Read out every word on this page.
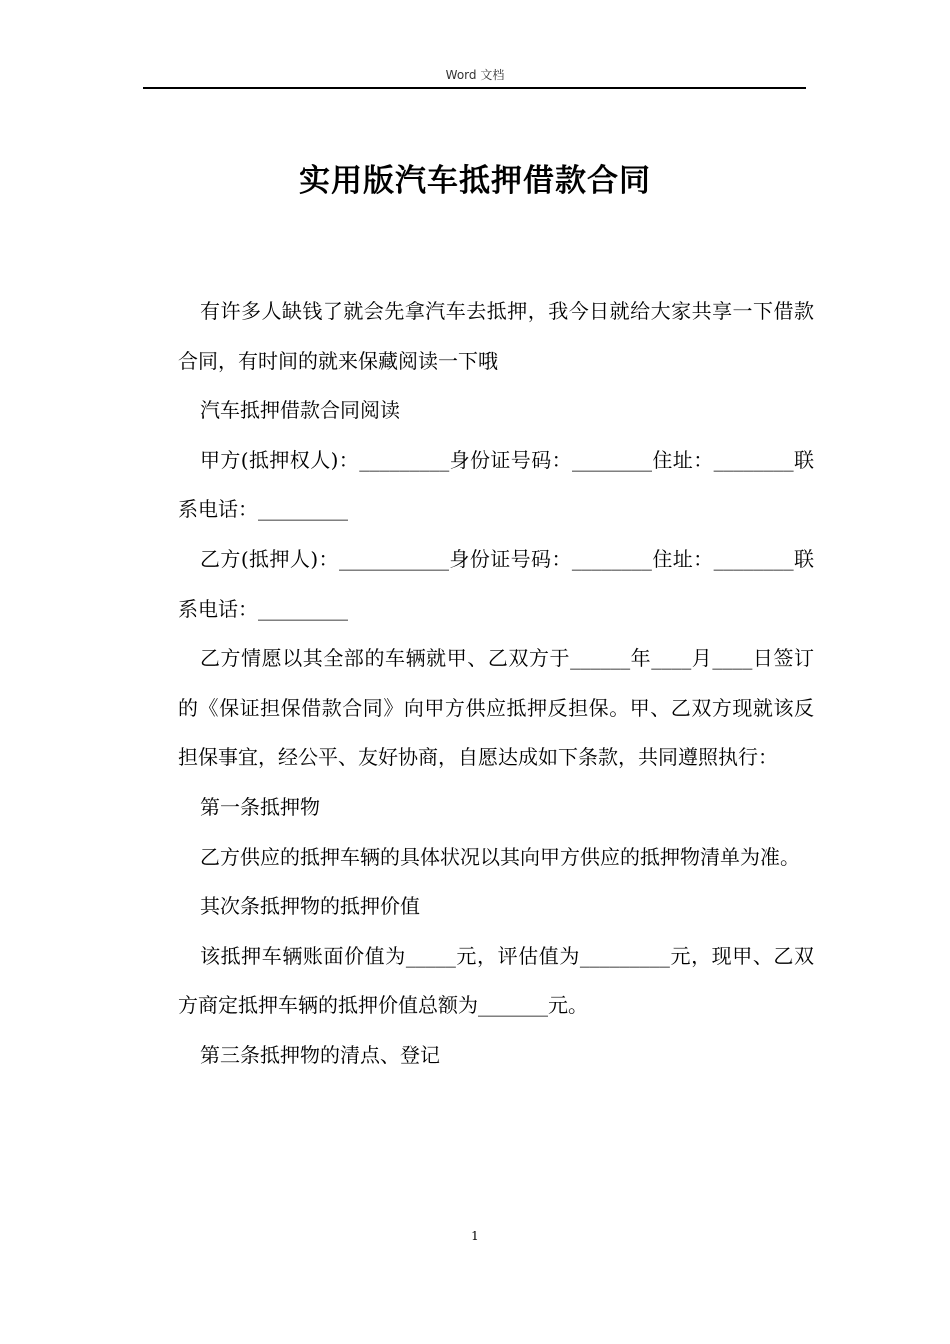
Word 文档
实用版汽车抵押借款合同

有许多人缺钱了就会先拿汽车去抵押，我今日就给大家共享一下借款合同，有时间的就来保藏阅读一下哦

汽车抵押借款合同阅读

甲方(抵押权人)：_________身份证号码：________住址：________联系电话：_________

乙方(抵押人)：___________身份证号码：________住址：________联系电话：_________

乙方情愿以其全部的车辆就甲、乙双方于______年____月____日签订的《保证担保借款合同》向甲方供应抵押反担保。甲、乙双方现就该反担保事宜，经公平、友好协商，自愿达成如下条款，共同遵照执行：

第一条抵押物

乙方供应的抵押车辆的具体状况以其向甲方供应的抵押物清单为准。

其次条抵押物的抵押价值

该抵押车辆账面价值为_____元，评估值为_________元，现甲、乙双方商定抵押车辆的抵押价值总额为_______元。

第三条抵押物的清点、登记

1
